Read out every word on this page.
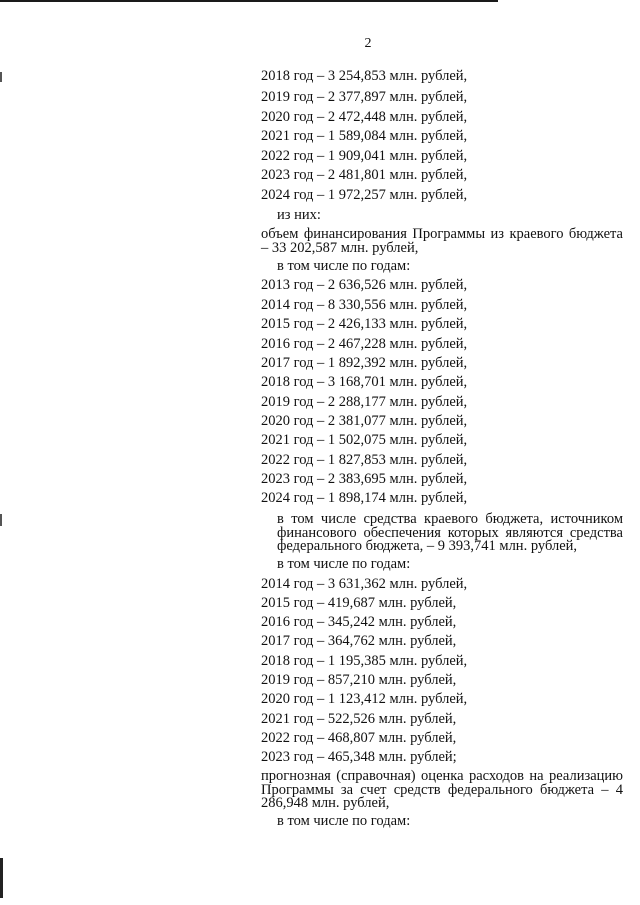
2
2018 год – 3 254,853 млн. рублей,
2019 год – 2 377,897 млн. рублей,
2020 год – 2 472,448 млн. рублей,
2021 год – 1 589,084 млн. рублей,
2022 год – 1 909,041 млн. рублей,
2023 год – 2 481,801 млн. рублей,
2024 год – 1 972,257 млн. рублей,
из них:
объем финансирования Программы из краевого бюджета – 33 202,587 млн. рублей,
в том числе по годам:
2013 год – 2 636,526 млн. рублей,
2014 год – 8 330,556 млн. рублей,
2015 год – 2 426,133 млн. рублей,
2016 год – 2 467,228 млн. рублей,
2017 год – 1 892,392 млн. рублей,
2018 год – 3 168,701 млн. рублей,
2019 год – 2 288,177 млн. рублей,
2020 год – 2 381,077 млн. рублей,
2021 год – 1 502,075 млн. рублей,
2022 год – 1 827,853 млн. рублей,
2023 год – 2 383,695 млн. рублей,
2024 год – 1 898,174 млн. рублей,
в том числе средства краевого бюджета, источником финансового обеспечения которых являются средства федерального бюджета, – 9 393,741 млн. рублей,
в том числе по годам:
2014 год – 3 631,362 млн. рублей,
2015 год – 419,687 млн. рублей,
2016 год – 345,242 млн. рублей,
2017 год – 364,762 млн. рублей,
2018 год – 1 195,385 млн. рублей,
2019 год – 857,210 млн. рублей,
2020 год – 1 123,412 млн. рублей,
2021 год – 522,526 млн. рублей,
2022 год – 468,807 млн. рублей,
2023 год – 465,348 млн. рублей;
прогнозная (справочная) оценка расходов на реализацию Программы за счет средств федерального бюджета – 4 286,948 млн. рублей,
в том числе по годам:
